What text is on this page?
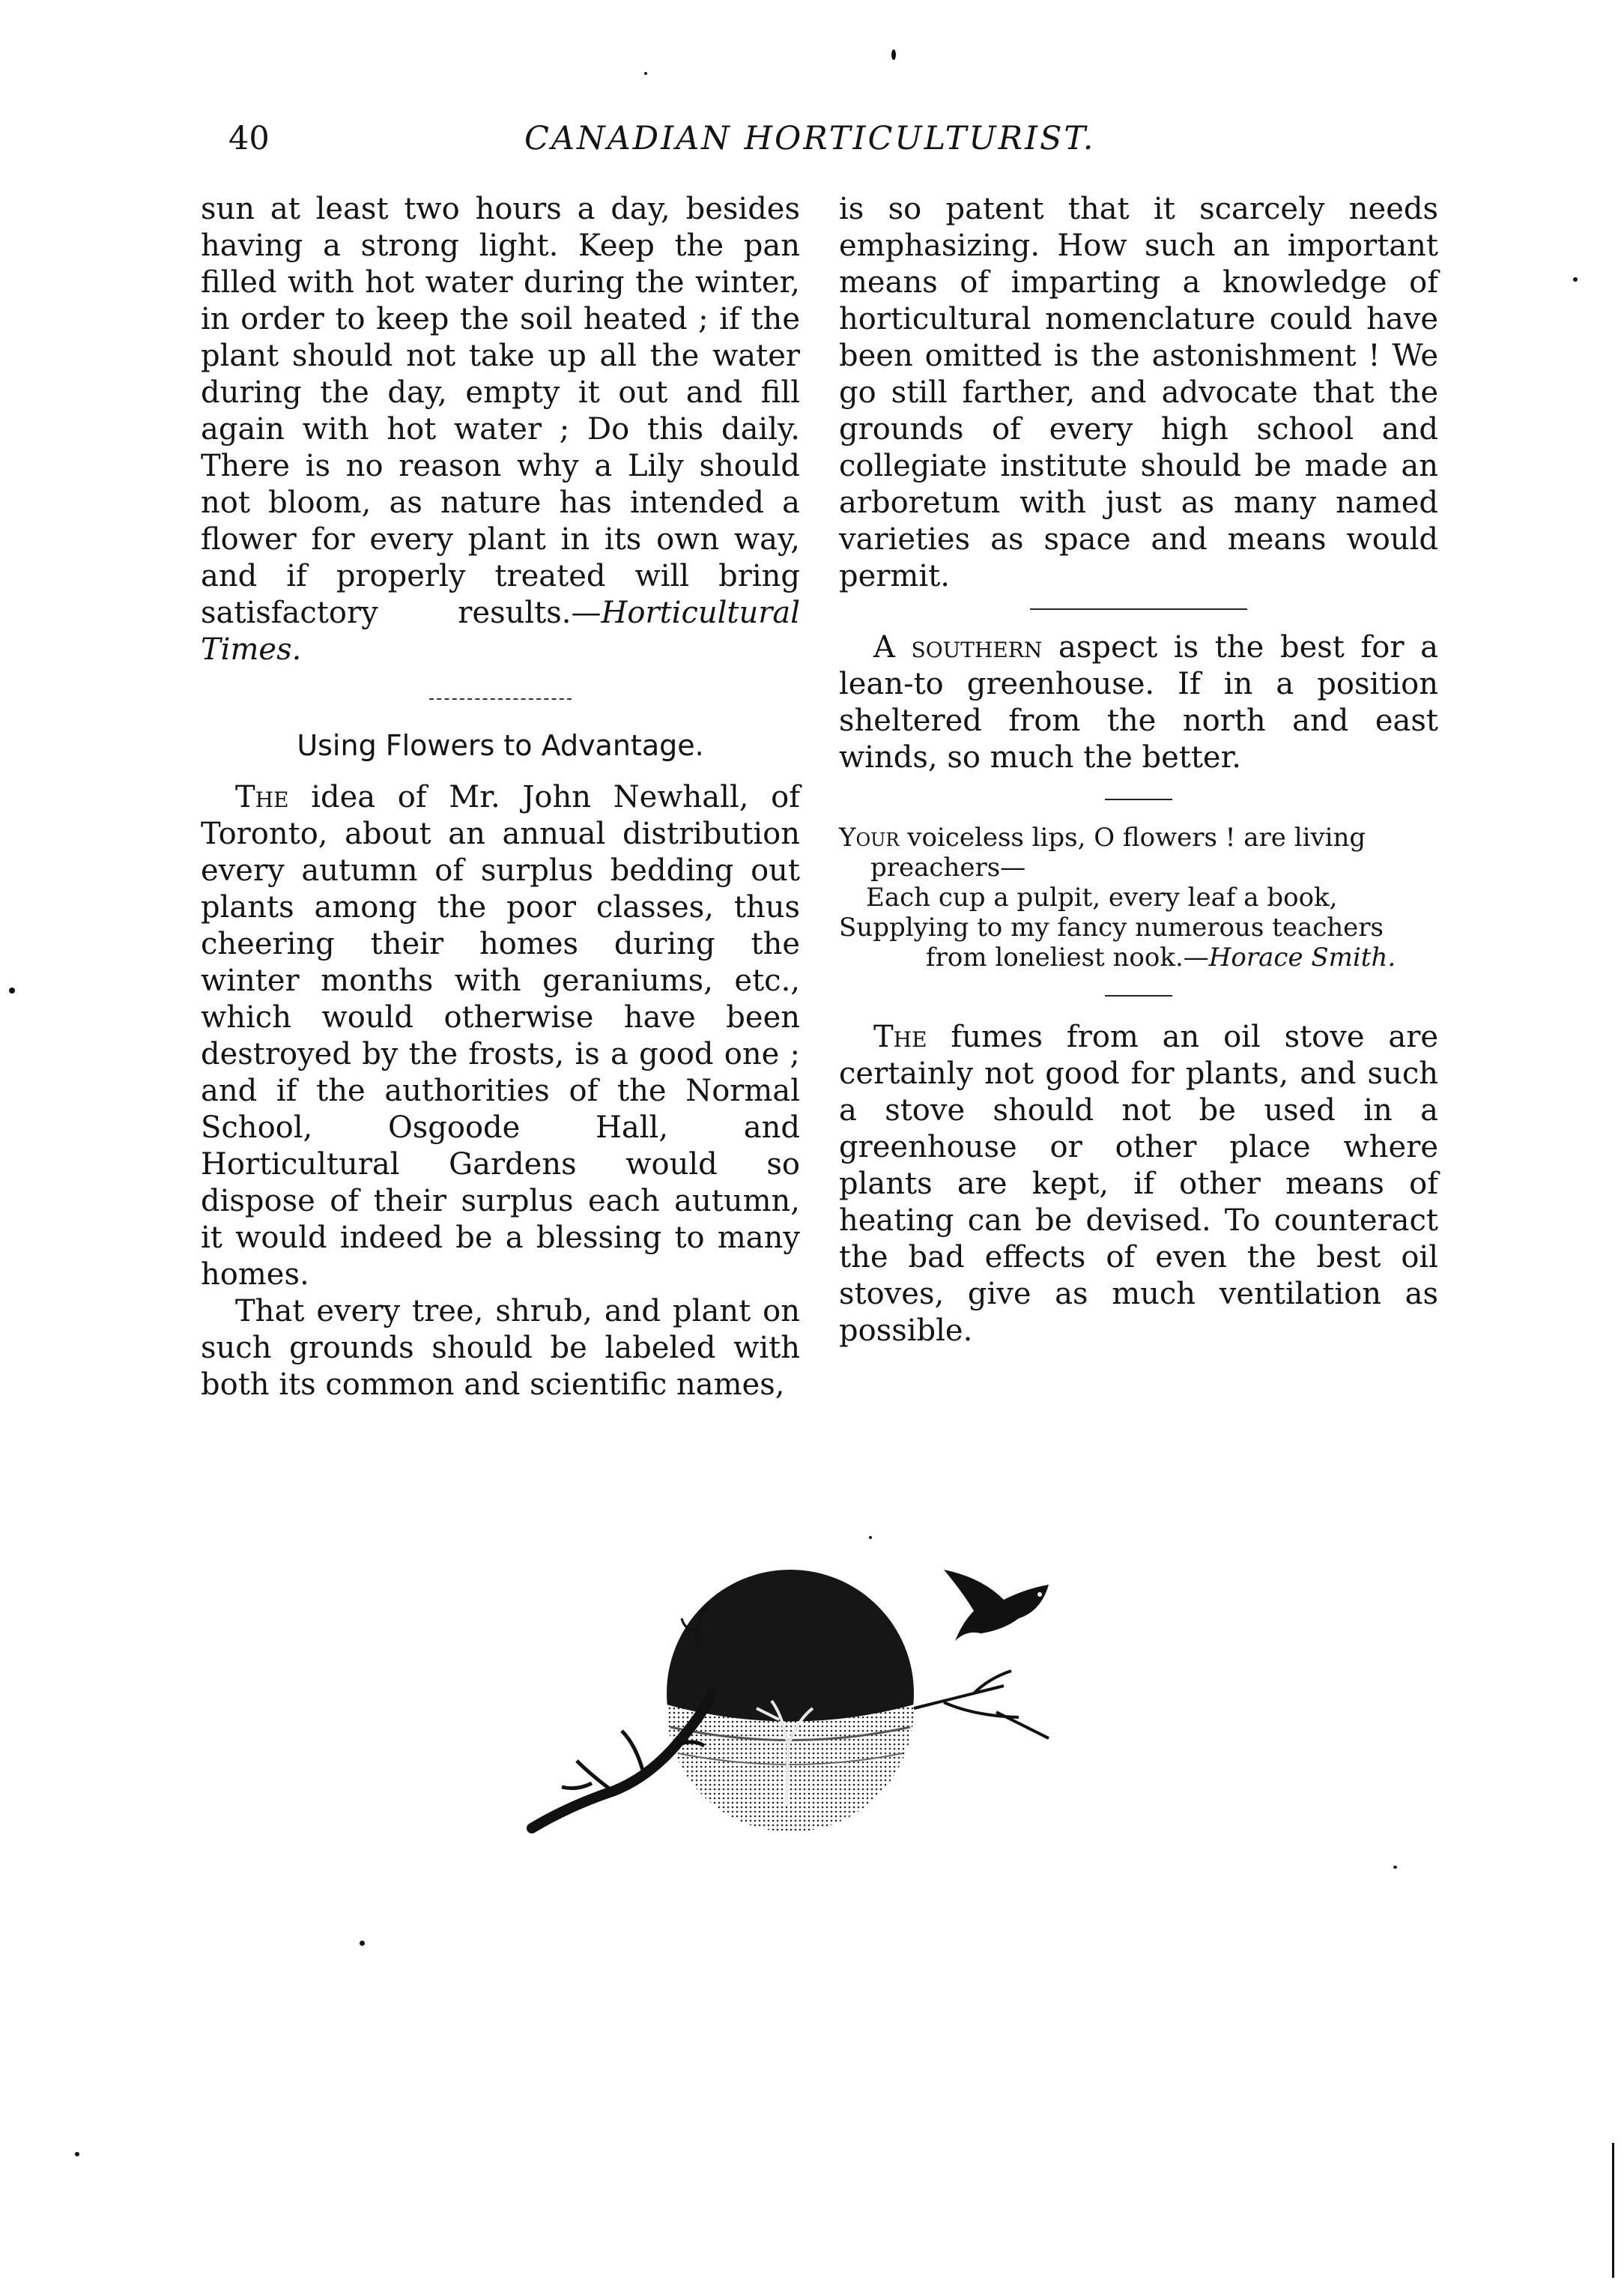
40	CANADIAN HORTICULTURIST.

sun at least two hours a day, besides having a strong light. Keep the pan filled with hot water during the winter, in order to keep the soil heated ; if the plant should not take up all the water during the day, empty it out and fill again with hot water ; Do this daily. There is no reason why a Lily should not bloom, as nature has intended a flower for every plant in its own way, and if properly treated will bring satisfactory results.—Horticultural Times.

Using Flowers to Advantage.

The idea of Mr. John Newhall, of Toronto, about an annual distribution every autumn of surplus bedding out plants among the poor classes, thus cheering their homes during the winter months with geraniums, etc., which would otherwise have been destroyed by the frosts, is a good one ; and if the authorities of the Normal School, Osgoode Hall, and Horticultural Gardens would so dispose of their surplus each autumn, it would indeed be a blessing to many homes.

That every tree, shrub, and plant on such grounds should be labeled with both its common and scientific names,

is so patent that it scarcely needs emphasizing. How such an important means of imparting a knowledge of horticultural nomenclature could have been omitted is the astonishment ! We go still farther, and advocate that the grounds of every high school and collegiate institute should be made an arboretum with just as many named varieties as space and means would permit.

A southern aspect is the best for a lean-to greenhouse. If in a position sheltered from the north and east winds, so much the better.

Your voiceless lips, O flowers ! are living
preachers—
Each cup a pulpit, every leaf a book,
Supplying to my fancy numerous teachers
from loneliest nook.—Horace Smith.

The fumes from an oil stove are certainly not good for plants, and such a stove should not be used in a greenhouse or other place where plants are kept, if other means of heating can be devised. To counteract the bad effects of even the best oil stoves, give as much ventilation as possible.
